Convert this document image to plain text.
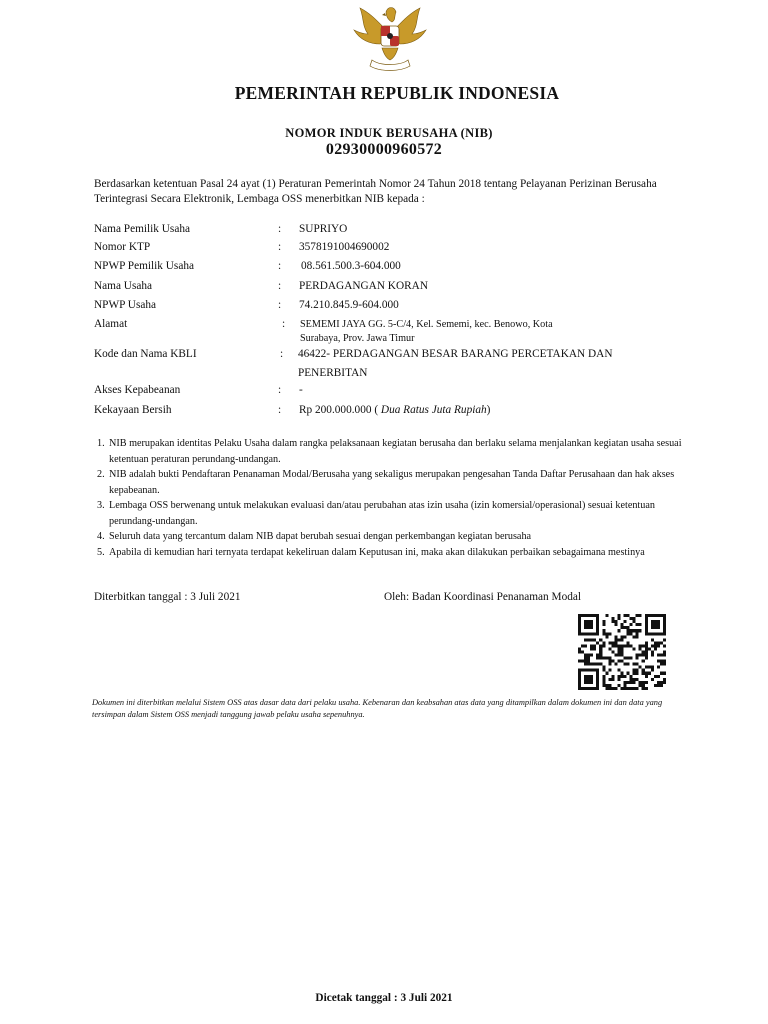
PEMERINTAH REPUBLIK INDONESIA
NOMOR INDUK BERUSAHA (NIB)
02930000960572
Berdasarkan ketentuan Pasal 24 ayat (1) Peraturan Pemerintah Nomor 24 Tahun 2018 tentang Pelayanan Perizinan Berusaha Terintegrasi Secara Elektronik, Lembaga OSS menerbitkan NIB kepada :
Nama Pemilik Usaha	: SUPRIYO
Nomor KTP	: 3578191004690002
NPWP Pemilik Usaha	: 08.561.500.3-604.000
Nama Usaha	: PERDAGANGAN KORAN
NPWP Usaha	: 74.210.845.9-604.000
Alamat	: SEMEMI JAYA GG. 5-C/4, Kel. Sememi, kec. Benowo, Kota
Surabaya, Prov. Jawa Timur
Kode dan Nama KBLI	: 46422- PERDAGANGAN BESAR BARANG PERCETAKAN DAN
PENERBITAN
Akses Kepabeanan	: -
Kekayaan Bersih	: Rp 200.000.000 ( Dua Ratus Juta Rupiah)
1. NIB merupakan identitas Pelaku Usaha dalam rangka pelaksanaan kegiatan berusaha dan berlaku selama menjalankan kegiatan usaha sesuai ketentuan peraturan perundang-undangan.
2. NIB adalah bukti Pendaftaran Penanaman Modal/Berusaha yang sekaligus merupakan pengesahan Tanda Daftar Perusahaan dan hak akses kepabeanan.
3. Lembaga OSS berwenang untuk melakukan evaluasi dan/atau perubahan atas izin usaha (izin komersial/operasional) sesuai ketentuan perundang-undangan.
4. Seluruh data yang tercantum dalam NIB dapat berubah sesuai dengan perkembangan kegiatan berusaha
5. Apabila di kemudian hari ternyata terdapat kekeliruan dalam Keputusan ini, maka akan dilakukan perbaikan sebagaimana mestinya
Diterbitkan tanggal : 3 Juli 2021	Oleh: Badan Koordinasi Penanaman Modal
Dokumen ini diterbitkan melalui Sistem OSS atas dasar data dari pelaku usaha. Kebenaran dan keabsahan atas data yang ditampilkan dalam dokumen ini dan data yang tersimpan dalam Sistem OSS menjadi tanggung jawab pelaku usaha sepenuhnya.
Dicetak tanggal : 3 Juli 2021
